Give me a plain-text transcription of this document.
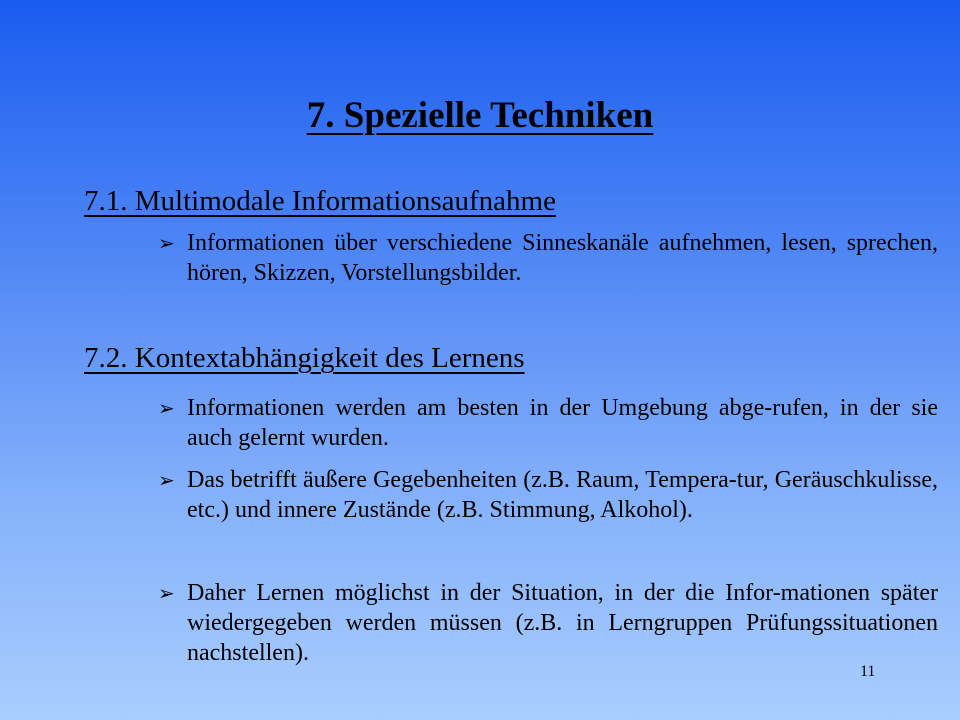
7. Spezielle Techniken
7.1. Multimodale Informationsaufnahme
➢ Informationen über verschiedene Sinneskanäle aufnehmen, lesen, sprechen, hören, Skizzen, Vorstellungsbilder.
7.2. Kontextabhängigkeit des Lernens
➢ Informationen werden am besten in der Umgebung abge-rufen, in der sie auch gelernt wurden.
➢ Das betrifft äußere Gegebenheiten (z.B. Raum, Tempera-tur, Geräuschkulisse, etc.) und innere Zustände (z.B. Stimmung, Alkohol).
➢ Daher Lernen möglichst in der Situation, in der die Infor-mationen später wiedergegeben werden müssen (z.B. in Lerngruppen Prüfungssituationen nachstellen).
11
